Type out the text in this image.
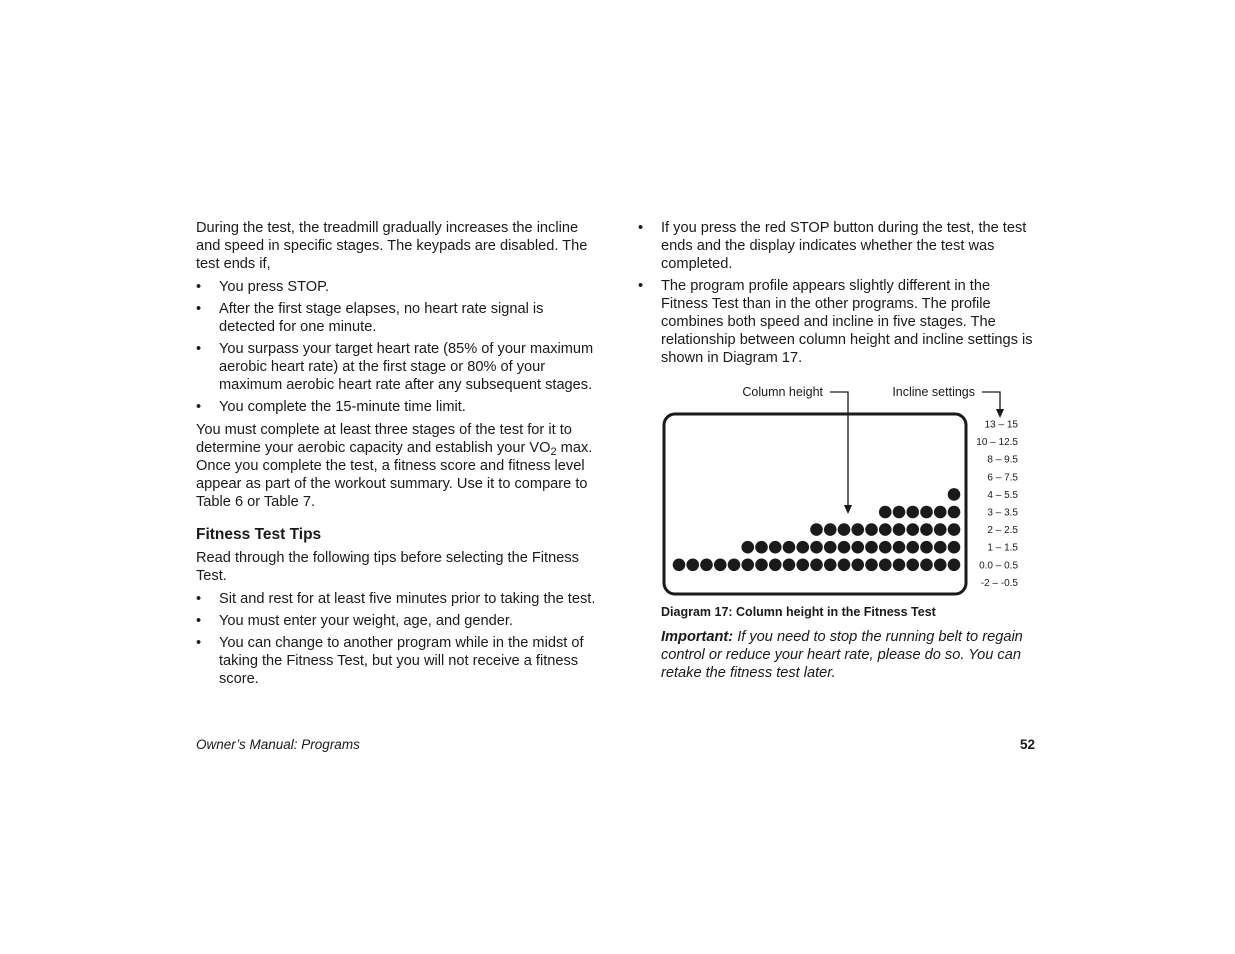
During the test, the treadmill gradually increases the incline and speed in specific stages. The keypads are disabled. The test ends if,

• You press STOP.
• After the first stage elapses, no heart rate signal is detected for one minute.
• You surpass your target heart rate (85% of your maximum aerobic heart rate) at the first stage or 80% of your maximum aerobic heart rate after any subsequent stages.
• You complete the 15-minute time limit.

You must complete at least three stages of the test for it to determine your aerobic capacity and establish your $VO_2$ max. Once you complete the test, a fitness score and fitness level appear as part of the workout summary. Use it to compare to Table 6 or Table 7.

Fitness Test Tips

Read through the following tips before selecting the Fitness Test.

• Sit and rest for at least five minutes prior to taking the test.
• You must enter your weight, age, and gender.
• You can change to another program while in the midst of taking the Fitness Test, but you will not receive a fitness score.
• If you press the red STOP button during the test, the test ends and the display indicates whether the test was completed.
• The program profile appears slightly different in the Fitness Test than in the other programs. The profile combines both speed and incline in five stages. The relationship between column height and incline settings is shown in Diagram 17.
Column height	Incline settings
13 – 15
10 – 12.5
8 – 9.5
6 – 7.5
4 – 5.5
3 – 3.5
2 – 2.5
1 – 1.5
0.0 – 0.5
-2 – -0.5
Diagram 17: Column height in the Fitness Test
Important: If you need to stop the running belt to regain control or reduce your heart rate, please do so. You can retake the fitness test later.
Owner’s Manual: Programs	52
